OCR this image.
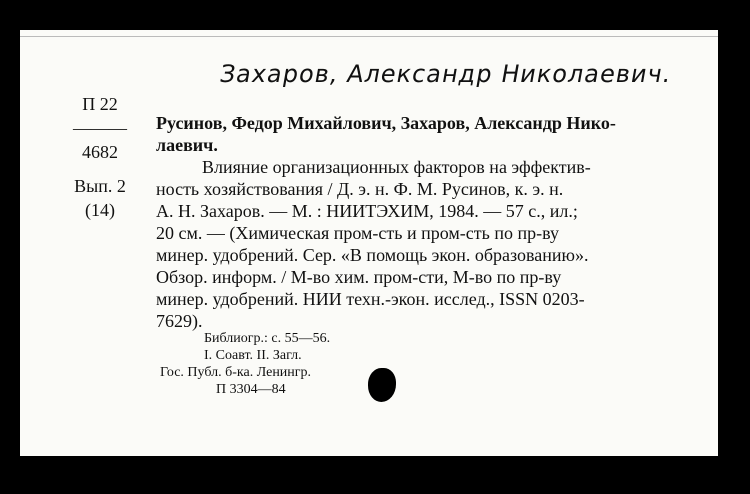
Захаров, Александр Николаевич.
П 22
———
4682
Вып. 2
(14)
Русинов, Федор Михайлович, Захаров, Александр Нико-
лаевич.
Влияние организационных факторов на эффектив-
ность хозяйствования / Д. э. н. Ф. М. Русинов, к. э. н.
А. Н. Захаров. — М. : НИИТЭХИМ, 1984. — 57 с., ил.;
20 см. — (Химическая пром-сть и пром-сть по пр-ву
минер. удобрений. Сер. «В помощь экон. образованию».
Обзор. информ. / М-во хим. пром-сти, М-во по пр-ву
минер. удобрений. НИИ техн.-экон. исслед., ISSN 0203-
7629).
Библиогр.: с. 55—56.
I. Соавт. II. Загл.
Гос. Публ. б-ка. Ленингр.
П 3304—84
